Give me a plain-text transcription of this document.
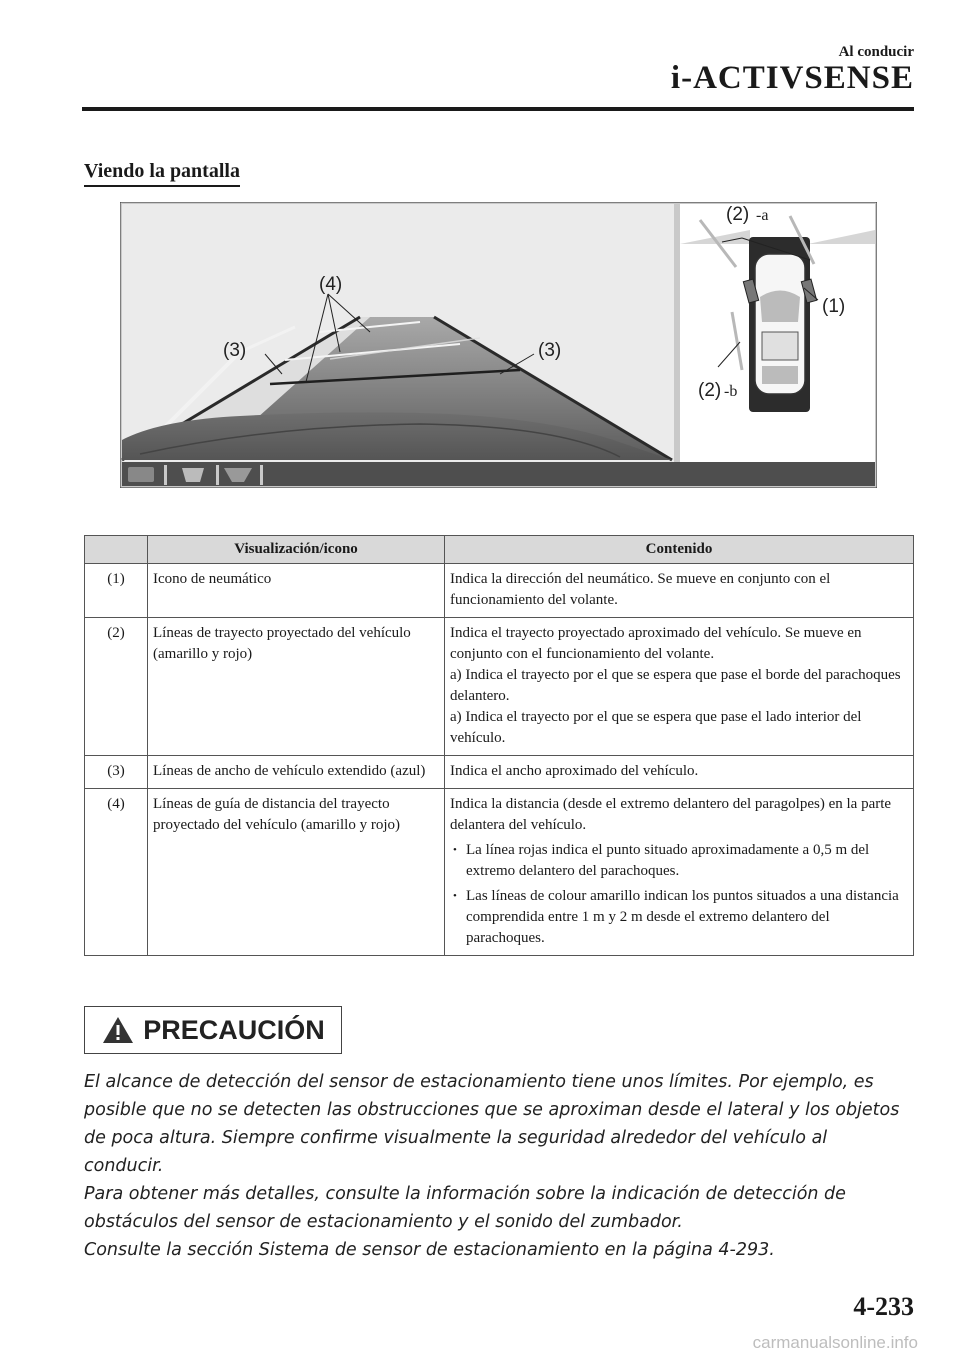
Al conducir
i-ACTIVSENSE
Viendo la pantalla
(4)
(3)	(3)
(2) -a
(1)
(2) -b
	Visualización/icono	Contenido
(1)	Icono de neumático	Indica la dirección del neumático. Se mueve en conjunto con el funcionamiento del volante.

(2)	Líneas de trayecto proyectado del vehículo (amarillo y rojo)	Indica el trayecto proyectado aproximado del vehículo. Se mueve en conjunto con el funcionamiento del volante.
a) Indica el trayecto por el que se espera que pase el borde del parachoques delantero.
a) Indica el trayecto por el que se espera que pase el lado interior del vehículo.

(3)	Líneas de ancho de vehículo extendido (azul)	Indica el ancho aproximado del vehículo.

(4)	Líneas de guía de distancia del trayecto proyectado del vehículo (amarillo y rojo)	Indica la distancia (desde el extremo delantero del paragolpes) en la parte delantera del vehículo.
• La línea rojas indica el punto situado aproximadamente a 0,5 m del extremo delantero del parachoques.
• Las líneas de colour amarillo indican los puntos situados a una distancia comprendida entre 1 m y 2 m desde el extremo delantero del parachoques.
PRECAUCIÓN
El alcance de detección del sensor de estacionamiento tiene unos límites. Por ejemplo, es
posible que no se detecten las obstrucciones que se aproximan desde el lateral y los objetos
de poca altura. Siempre confirme visualmente la seguridad alrededor del vehículo al
conducir.
Para obtener más detalles, consulte la información sobre la indicación de detección de
obstáculos del sensor de estacionamiento y el sonido del zumbador.
Consulte la sección Sistema de sensor de estacionamiento en la página 4-293.
4-233
carmanualsonline.info
